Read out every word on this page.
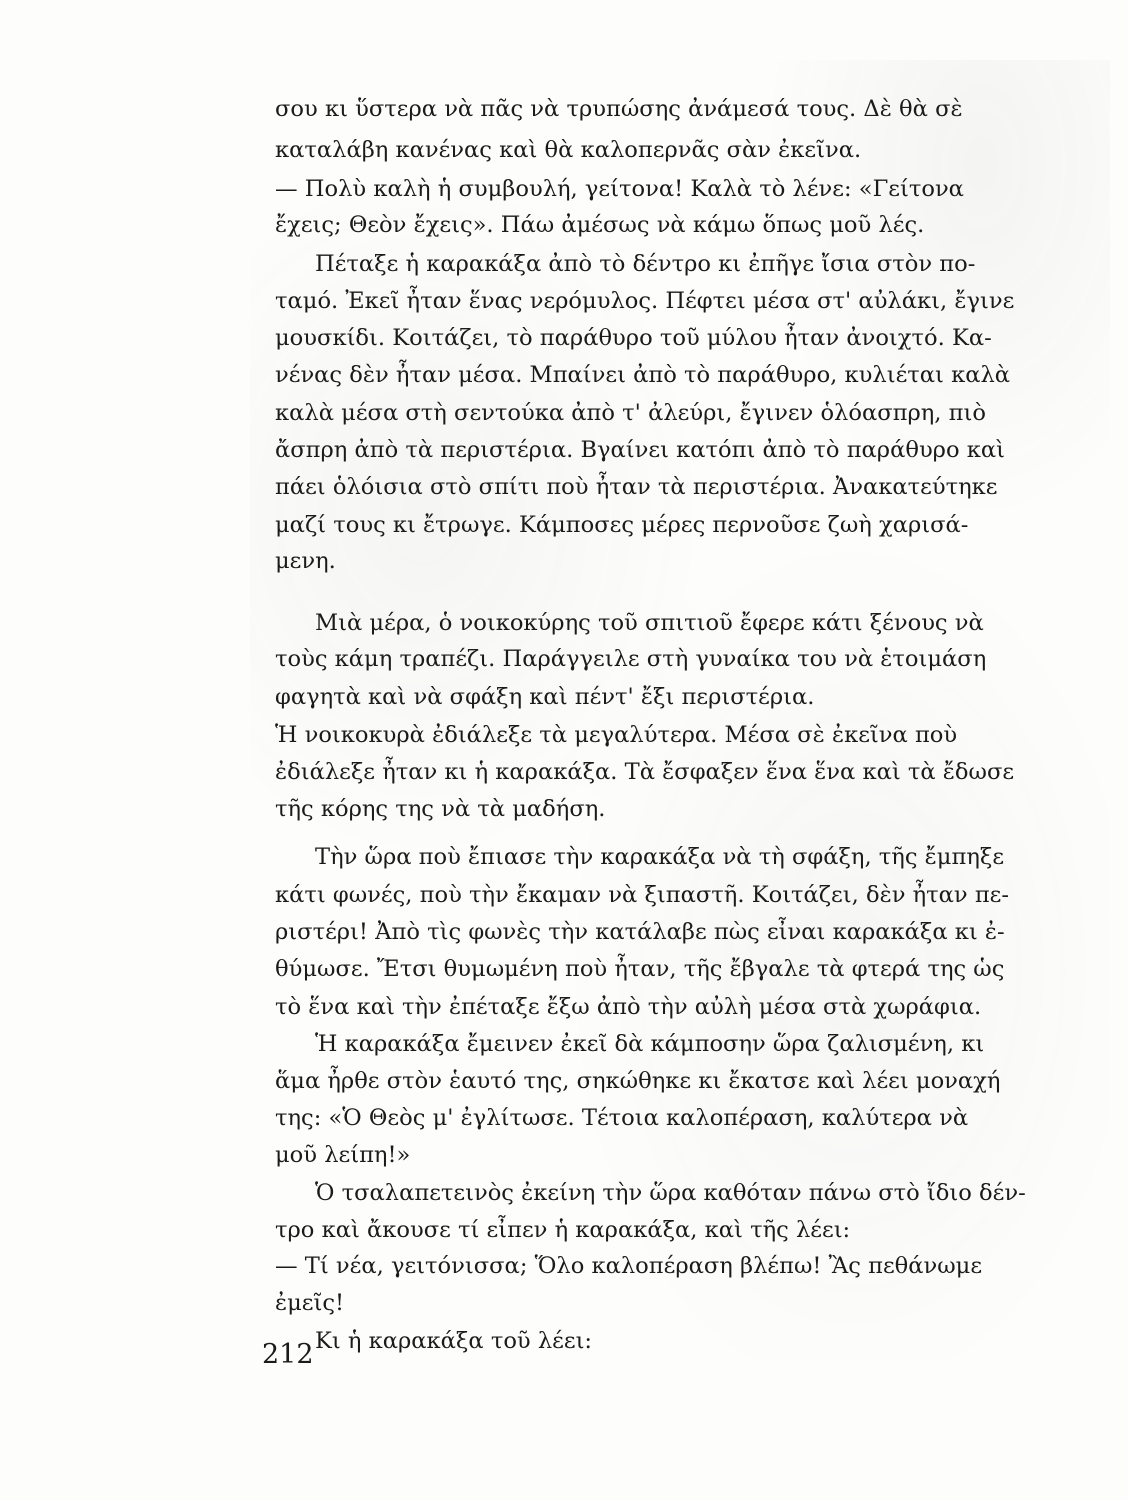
σου κι ὕστερα νὰ πᾶς νὰ τρυπώσης ἀνάμεσά τους. Δὲ θὰ σὲ
καταλάβη κανένας καὶ θὰ καλοπερνᾶς σὰν ἐκεῖνα.
— Πολὺ καλὴ ἡ συμβουλή, γείτονα! Καλὰ τὸ λένε: «Γείτονα
ἔχεις; Θεὸν ἔχεις». Πάω ἀμέσως νὰ κάμω ὅπως μοῦ λές.
Πέταξε ἡ καρακάξα ἀπὸ τὸ δέντρο κι ἐπῆγε ἴσια στὸν πο-
ταμό. Ἐκεῖ ἦταν ἕνας νερόμυλος. Πέφτει μέσα στ' αὐλάκι, ἔγινε
μουσκίδι. Κοιτάζει, τὸ παράθυρο τοῦ μύλου ἦταν ἀνοιχτό. Κα-
νένας δὲν ἦταν μέσα. Μπαίνει ἀπὸ τὸ παράθυρο, κυλιέται καλὰ
καλὰ μέσα στὴ σεντούκα ἀπὸ τ' ἀλεύρι, ἔγινεν ὁλόασπρη, πιὸ
ἄσπρη ἀπὸ τὰ περιστέρια. Βγαίνει κατόπι ἀπὸ τὸ παράθυρο καὶ
πάει ὁλόισια στὸ σπίτι ποὺ ἦταν τὰ περιστέρια. Ἀνακατεύτηκε
μαζί τους κι ἔτρωγε. Κάμποσες μέρες περνοῦσε ζωὴ χαρισά-
μενη.
Μιὰ μέρα, ὁ νοικοκύρης τοῦ σπιτιοῦ ἔφερε κάτι ξένους νὰ
τοὺς κάμη τραπέζι. Παράγγειλε στὴ γυναίκα του νὰ ἑτοιμάση
φαγητὰ καὶ νὰ σφάξη καὶ πέντ' ἔξι περιστέρια.
Ἡ νοικοκυρὰ ἐδιάλεξε τὰ μεγαλύτερα. Μέσα σὲ ἐκεῖνα ποὺ
ἐδιάλεξε ἦταν κι ἡ καρακάξα. Τὰ ἔσφαξεν ἕνα ἕνα καὶ τὰ ἔδωσε
τῆς κόρης της νὰ τὰ μαδήση.
Τὴν ὥρα ποὺ ἔπιασε τὴν καρακάξα νὰ τὴ σφάξη, τῆς ἔμπηξε
κάτι φωνές, ποὺ τὴν ἔκαμαν νὰ ξιπαστῆ. Κοιτάζει, δὲν ἦταν πε-
ριστέρι! Ἀπὸ τὶς φωνὲς τὴν κατάλαβε πὼς εἶναι καρακάξα κι ἐ-
θύμωσε. Ἔτσι θυμωμένη ποὺ ἦταν, τῆς ἔβγαλε τὰ φτερά της ὡς
τὸ ἕνα καὶ τὴν ἐπέταξε ἔξω ἀπὸ τὴν αὐλὴ μέσα στὰ χωράφια.
Ἡ καρακάξα ἔμεινεν ἐκεῖ δὰ κάμποσην ὥρα ζαλισμένη, κι
ἅμα ἦρθε στὸν ἑαυτό της, σηκώθηκε κι ἔκατσε καὶ λέει μοναχή
της: «Ὁ Θεὸς μ' ἐγλίτωσε. Τέτοια καλοπέραση, καλύτερα νὰ
μοῦ λείπη!»
Ὁ τσαλαπετεινὸς ἐκείνη τὴν ὥρα καθόταν πάνω στὸ ἴδιο δέν-
τρο καὶ ἄκουσε τί εἶπεν ἡ καρακάξα, καὶ τῆς λέει:
— Τί νέα, γειτόνισσα; Ὅλο καλοπέραση βλέπω! Ἂς πεθάνωμε
ἐμεῖς!
Κι ἡ καρακάξα τοῦ λέει:
212
